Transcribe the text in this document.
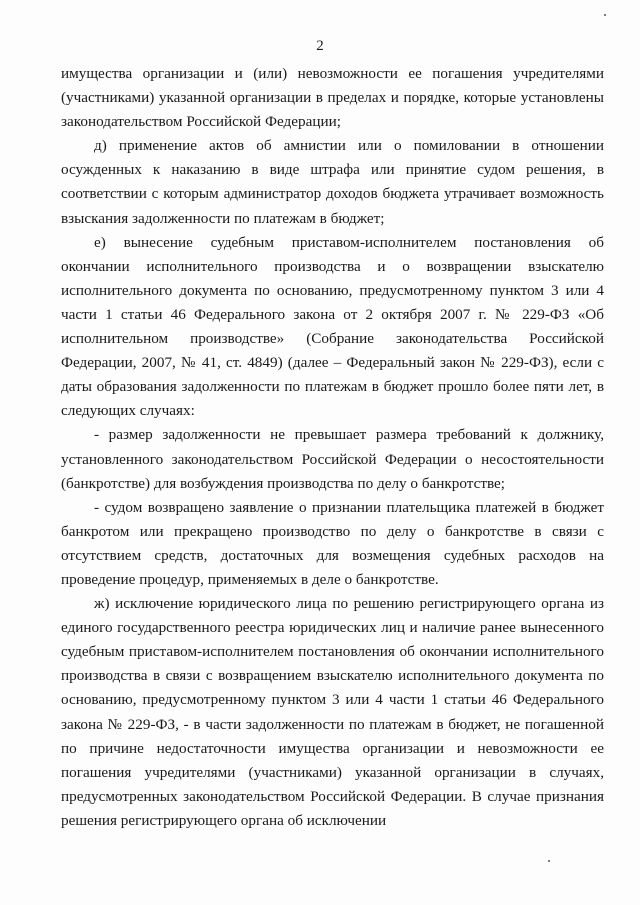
2

имущества организации и (или) невозможности ее погашения учредителями (участниками) указанной организации в пределах и порядке, которые установлены законодательством Российской Федерации;

д) применение актов об амнистии или о помиловании в отношении осужденных к наказанию в виде штрафа или принятие судом решения, в соответствии с которым администратор доходов бюджета утрачивает возможность взыскания задолженности по платежам в бюджет;

е) вынесение судебным приставом-исполнителем постановления об окончании исполнительного производства и о возвращении взыскателю исполнительного документа по основанию, предусмотренному пунктом 3 или 4 части 1 статьи 46 Федерального закона от 2 октября 2007 г. № 229-ФЗ «Об исполнительном производстве» (Собрание законодательства Российской Федерации, 2007, № 41, ст. 4849) (далее – Федеральный закон № 229-ФЗ), если с даты образования задолженности по платежам в бюджет прошло более пяти лет, в следующих случаях:

- размер задолженности не превышает размера требований к должнику, установленного законодательством Российской Федерации о несостоятельности (банкротстве) для возбуждения производства по делу о банкротстве;

- судом возвращено заявление о признании плательщика платежей в бюджет банкротом или прекращено производство по делу о банкротстве в связи с отсутствием средств, достаточных для возмещения судебных расходов на проведение процедур, применяемых в деле о банкротстве.

ж) исключение юридического лица по решению регистрирующего органа из единого государственного реестра юридических лиц и наличие ранее вынесенного судебным приставом-исполнителем постановления об окончании исполнительного производства в связи с возвращением взыскателю исполнительного документа по основанию, предусмотренному пунктом 3 или 4 части 1 статьи 46 Федерального закона № 229-ФЗ, - в части задолженности по платежам в бюджет, не погашенной по причине недостаточности имущества организации и невозможности ее погашения учредителями (участниками) указанной организации в случаях, предусмотренных законодательством Российской Федерации. В случае признания решения регистрирующего органа об исключении
